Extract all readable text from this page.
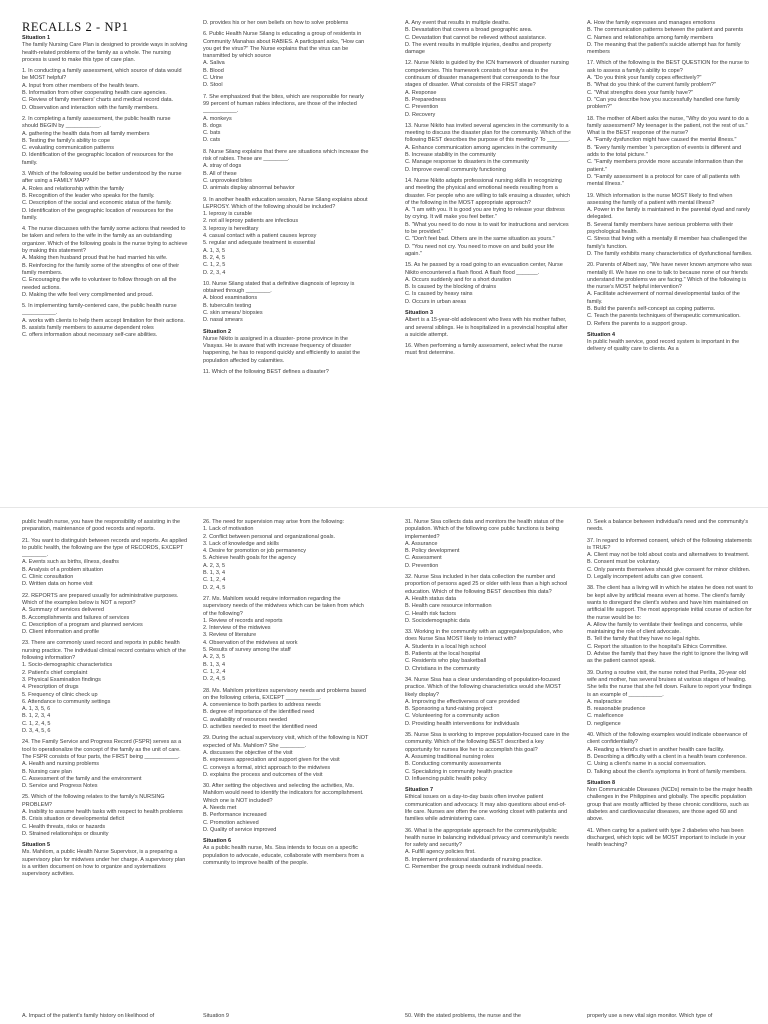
RECALLS 2 - NP1
Situation 1

The family Nursing Care Plan is designed to provide ways in solving health-related problems of the family as a whole. The nursing process is used to make this type of care plan.

1. In conducting a family assessment, which source of data would be MOST helpful?
A. Input from other members of the health team.
B. Information from other cooperating health care agencies.
C. Review of family members' charts and medical record data.
D. Observation and interaction with the family members.

2. In completing a family assessment, the public health nurse should BEGIN by ___________.
A. gathering the health data from all family members
B. Testing the family's ability to cope
C. evaluating communication patterns
D. Identification of the geographic location of resources for the family.

3. Which of the following would be better understood by the nurse after using a FAMILY MAP?
A. Roles and relationship within the family
B. Recognition of the leader who speaks for the family.
C. Description of the social and economic status of the family.
D. Identification of the geographic location of resources for the family.

4. The nurse discusses with the family some actions that needed to be taken and refers to the wife in the family as an outstanding organizer. Which of the following goals is the nurse trying to achieve by making this statement?
A. Making then husband proud that he had married his wife.
B. Reinforcing for the family some of the strengths of one of their family members.
C. Encouraging the wife to volunteer to follow through on all the needed actions.
D. Making the wife feel very complimented and proud.

5. In implementing family-centered care, the public health nurse ___________.
A. works with clients to help them accept limitation for their actions.
B. assists family members to assume dependent roles
C. offers information about necessary self-care abilities.

D. provides his or her own beliefs on how to solve problems

6. Public Health Nurse Silang is educating a group of residents in Community Manahas about RABIES. A participant asks, "How can you get the virus?" The Nurse explains that the virus can be transmitted by which source
A. Saliva
B. Blood
C. Urine
D. Stool

7. She emphasized that the bites, which are responsible for nearly 99 percent of human rabies infections, are those of the infected ___________.
A. monkeys
B. dogs
C. bats
D. cats

8. Nurse Silang explains that there are situations which increase the risk of rabies. These are ________.
A. stray of dogs
B. All of these
C. unprovoked bites
D. animals display abnormal behavior

9. In another health education session, Nurse Silang explains about LEPROSY. Which of the following should be included?
1. leprosy is curable
2. not all leprosy patients are infectious
3. leprosy is hereditary
4. casual contact with a patient causes leprosy
5. regular and adequate treatment is essential
A. 1, 3, 5
B. 2, 4, 5
C. 1, 2, 5
D. 2, 3, 4

10. Nurse Silang stated that a definitive diagnosis of leprosy is obtained through ________.
A. blood examinations
B. tuberculin testing
C. skin smears/ biopsies
D. nasal smears

Situation 2

Nurse Nikito is assigned in a disaster- prone province in the Visayas. He is aware that with increase frequency of disaster happening, he has to respond quickly and efficiently to assist the population affected by calamities.

11. Which of the following BEST defines a disaster?

A. Any event that results in multiple deaths.
B. Devastation that covers a broad geographic area.
C. Devastation that cannot be relieved without assistance.
D. The event results in multiple injuries, deaths and property damage

12. Nurse Nikito is guided by the ICN framework of disaster nursing competencies. This framework consists of four areas in the continuum of disaster management that corresponds to the four stages of disaster. What consists of the FIRST stage?
A. Response
B. Preparedness
C. Prevention
D. Recovery

13. Nurse Nikito has invited several agencies in the community to a meeting to discuss the disaster plan for the community. Which of the following BEST describes the purpose of this meeting? To _______.
A. Enhance communication among agencies in the community
B. Increase stability in the community
C. Manage response to disasters in the community
D. Improve overall community functioning

14. Nurse Nikito adapts professional nursing skills in recognizing and meeting the physical and emotional needs resulting from a disaster. For people who are willing to talk ensuing a disaster, which of the following in the MOST appropriate approach?
A. "I am with you. It is good you are trying to release your distress by crying. It will make you feel better."
B. "What you need to do now is to wait for instructions and services to be provided."
C. "Don't feel bad. Others are in the same situation as yours."
D. "You need not cry. You need to move on and build your life again."

15. As he passed by a road going to an evacuation center, Nurse Nikito encountered a flash flood. A flash flood _______.
A. Occurs suddenly and for a short duration
B. Is caused by the blocking of drains
C. Is caused by heavy rains
D. Occurs in urban areas

Situation 3

Albert is a 15-year-old adolescent who lives with his mother father, and several siblings. He is hospitalized in a provincial hospital after a suicide attempt.

16. When performing a family assessment, select what the nurse must first determine.

A. How the family expresses and manages emotions
B. The communication patterns between the patient and parents
C. Names and relationships among family members
D. The meaning that the patient's suicide attempt has for family members

17. Which of the following is the BEST QUESTION for the nurse to ask to assess a family's ability to cope?
A. "Do you think your family copes effectively?"
B. "What do you think of the current family problem?"
C. "What strengths does your family have?"
D. "Can you describe how you successfully handled one family problem?"

18. The mother of Albert asks the nurse, "Why do you want to do a family assessment? My teenager is the patient, not the rest of us." What is the BEST response of the nurse?
A. "Family dysfunction might have caused the mental illness."
B. "Every family member 's perception of events is different and adds to the total picture."
C. "Family members provide more accurate information than the patient."
D. "Family assessment is a protocol for care of all patients with mental illness."

19. Which information is the nurse MOST likely to find when assessing the family of a patient with mental illness?
A. Power in the family is maintained in the parental dyad and rarely delegated.
B. Several family members have serious problems with their psychological health.
C. Stress that living with a mentally ill member has challenged the family's function.
D. The family exhibits many characteristics of dysfunctional families.

20. Parents of Albert say, "We have never known anymore who was mentally ill. We have no one to talk to because none of our friends understand the problems we are facing." Which of the following is the nurse's MOST helpful intervention?
A. Facilitate achievement of normal developmental tasks of the family.
B. Build the parent's self-concept as coping patterns.
C. Teach the parents techniques of therapeutic communication.
D. Refers the parents to a support group.

Situation 4

In public health service, good record system is important in the delivery of quality care to clients. As a

public health nurse, you have the responsibility of assisting in the preparation, maintenance of good records and reports.

21. You want to distinguish between records and reports. As applied to public health, the following are the type of RECORDS, EXCEPT ________.
A. Events such as births, illness, deaths
B. Analysis of a problem situation
C. Clinic consultation
D. Written data on home visit

22. REPORTS are prepared usually for administrative purposes. Which of the examples below is NOT a report?
A. Summary of services delivered
B. Accomplishments and failures of services
C. Description of a program and planned services
D. Client information and profile

23. There are commonly used record and reports in public health nursing practice. The individual clinical record contains which of the following information?
1. Socio-demographic characteristics
2. Patient's chief complaint
3. Physical Examination findings
4. Prescription of drugs
5. Frequency of clinic check up
6. Attendance to community settings
A. 1, 3, 5, 6
B. 1, 2, 3, 4
C. 1, 2, 4, 5
D. 3, 4, 5, 6

24. The Family Service and Progress Record (FSPR) serves as a tool to operationalize the concept of the family as the unit of care. The FSPR consists of four parts, the FIRST being ___________.
A. Health and nursing problems
B. Nursing care plan
C. Assessment of the family and the environment
D. Service and Progress Notes

25. Which of the following relates to the family's NURSING PROBLEM?
A. Inability to assume health tasks with respect to health problems
B. Crisis situation or developmental deficit
C. Health threats, risks or hazards
D. Strained relationships or disunity

Situation 5

Ms. Mahilom, a public Health Nurse Supervisor, is a preparing a supervisory plan for midwives under her charge. A supervisory plan is a written document on how to organize and systematizes supervisory activities.

26. The need for supervision may arise from the following:
1. Lack of motivation
2. Conflict between personal and organizational goals.
3. Lack of knowledge and skills
4. Desire for promotion or job permanency
5. Achieve health goals for the agency
A. 2, 3, 5
B. 1, 3, 4
C. 1, 2, 4
D. 2, 4, 5

27. Ms. Mahilom would require information regarding the supervisory needs of the midwives which can be taken from which of the following?
1. Review of records and reports
2. Interview of the midwives
3. Review of literature
4. Observation of the midwives at work
5. Results of survey among the staff
A. 2, 3, 5
B. 1, 3, 4
C. 1, 2, 4
D. 2, 4, 5

28. Ms. Mahilom prioritizes supervisory needs and problems based on the following criteria, EXCEPT ___________.
A. convenience to both parties to address needs
B. degree of importance of the identified need
C. availability of resources needed
D. activities needed to meet the identified need

29. During the actual supervisory visit, which of the following is NOT expected of Ms. Mahilom? She ________.
A. discusses the objective of the visit
B. expresses appreciation and support given for the visit
C. conveys a formal, strict approach to the midwives
D. explains the process and outcomes of the visit

30. After setting the objectives and selecting the activities, Ms. Mahilom would need to identify the indicators for accomplishment. Which one is NOT included?
A. Needs met
B. Performance increased
C. Promotion achieved
D. Quality of service improved

Situation 6

As a public health nurse, Ms. Sisa intends to focus on a specific population to advocate, educate, collaborate with members from a community to improve health of the people.

31. Nurse Sisa collects data and monitors the health status of the population. Which of the following core public functions is being implemented?
A. Assurance
B. Policy development
C. Assessment
D. Prevention

32. Nurse Sisa included in her data collection the number and proportion of persons aged 25 or older with less than a high school education. Which of the following BEST describes this data?
A. Health status data
B. Health care resource information
C. Health risk factors
D. Sociodemographic data

33. Working in the community with an aggregate/population, who does Nurse Sisa MOST likely to interact with?
A. Students in a local high school
B. Patients at the local hospital
C. Residents who play basketball
D. Christians in the community

34. Nurse Sisa has a clear understanding of population-focused practice. Which of the following characteristics would she MOST likely display?
A. Improving the effectiveness of care provided
B. Sponsoring a fund-raising project
C. Volunteering for a community action
D. Providing health interventions for individuals

35. Nurse Sisa is working to improve population-focused care in the community. Which of the following BEST described a key opportunity for nurses like her to accomplish this goal?
A. Assuming traditional nursing roles
B. Conducting community assessments
C. Specializing in community health practice
D. Influencing public health policy

Situation 7

Ethical issues on a day-to-day basis often involve patient communication and advocacy. It may also questions about end-of-life care. Nurses are often the one working closet with patients and families while administering care.

36. What is the appropriate approach for the community/public health nurse in balancing individual privacy and community's needs for safety and security?
A. Fulfill agency policies first.
B. Implement professional standards of nursing practice.
C. Remember the group needs outrank individual needs.

D. Seek a balance between individual's need and the community's needs.

37. In regard to informed consent, which of the following statements is TRUE?
A. Client may not be told about costs and alternatives to treatment.
B. Consent must be voluntary.
C. Only parents themselves should give consent for minor children.
D. Legally incompetent adults can give consent.

38. The client has a living will in which he states he does not want to be kept alive by artificial means even at home. The client's family wants to disregard the client's wishes and have him maintained on artificial life support. The most appropriate initial course of action for the nurse would be to:
A. Allow the family to ventilate their feelings and concerns, while maintaining the role of client advocate.
B. Tell the family that they have no legal rights.
C. Report the situation to the hospital's Ethics Committee.
D. Advise the family that they have the right to ignore the living will as the patient cannot speak.

39. During a routine visit, the nurse noted that Perlita, 20-year old wife and mother, has several bruises at various stages of healing. She tells the nurse that she fell down. Failure to report your findings is an example of ___________.
A. malpractice
B. reasonable prudence
C. maleficence
D. negligence

40. Which of the following examples would indicate observance of client confidentiality?
A. Reading a friend's chart in another health care facility.
B. Describing a difficulty with a client in a health team conference.
C. Using a client's name in a social conversation.
D. Talking about the client's symptoms in front of family members.

Situation 8

Non Communicable Diseases (NCDs) remain to be the major health challenges in the Philippines and globally. The specific population group that are mostly afflicted by these chronic conditions, such as diabetes and cardiovascular diseases, are those aged 60 and above.

41. When caring for a patient with type 2 diabetes who has been discharged, which topic will be MOST important to include in your health teaching?

A. Impact of the patient's family history on likelihood of	Situation 9	50. With the stated problems, the nurse and the	properly use a new vital sign monitor. Which type of
